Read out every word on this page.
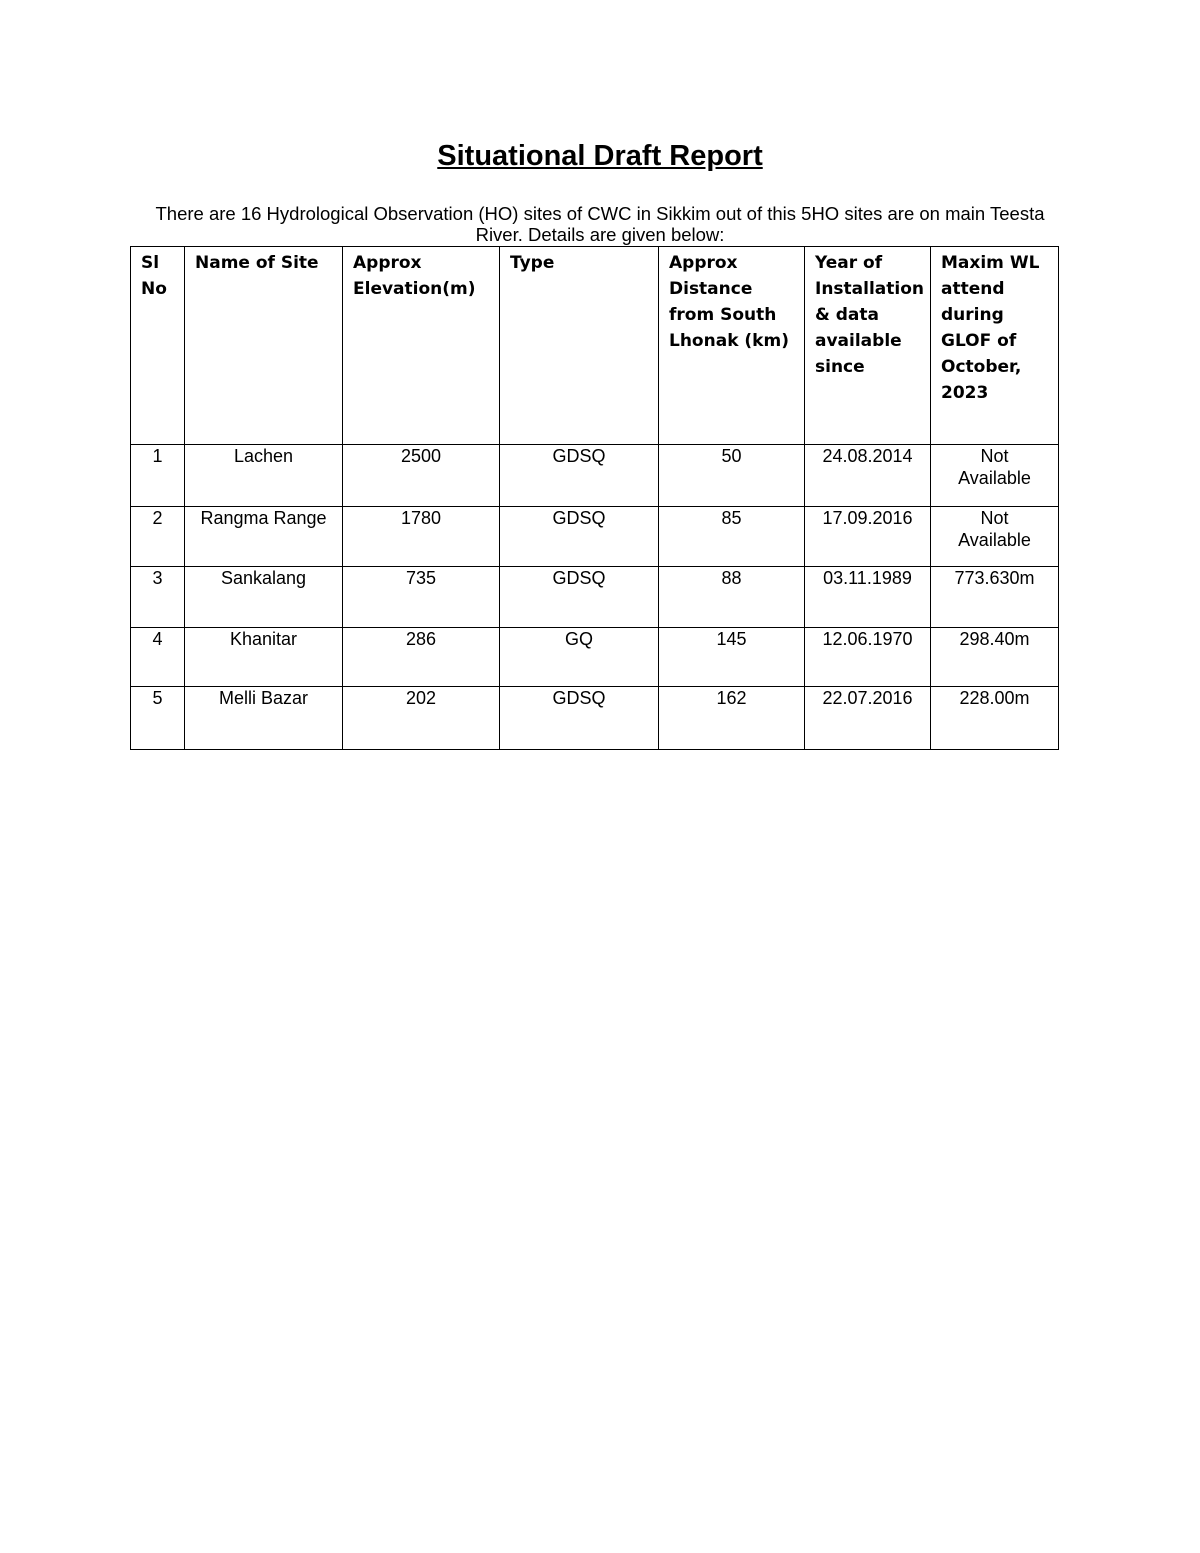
Situational Draft Report
There are 16 Hydrological Observation (HO) sites of CWC in Sikkim out of this 5HO sites are on main Teesta River. Details are given below:
Sl No	Name of Site	Approx Elevation(m)	Type	Approx Distance from South Lhonak (km)	Year of Installation & data available since	Maxim WL attend during GLOF of October, 2023
1	Lachen	2500	GDSQ	50	24.08.2014	Not Available
2	Rangma Range	1780	GDSQ	85	17.09.2016	Not Available
3	Sankalang	735	GDSQ	88	03.11.1989	773.630m
4	Khanitar	286	GQ	145	12.06.1970	298.40m
5	Melli Bazar	202	GDSQ	162	22.07.2016	228.00m
